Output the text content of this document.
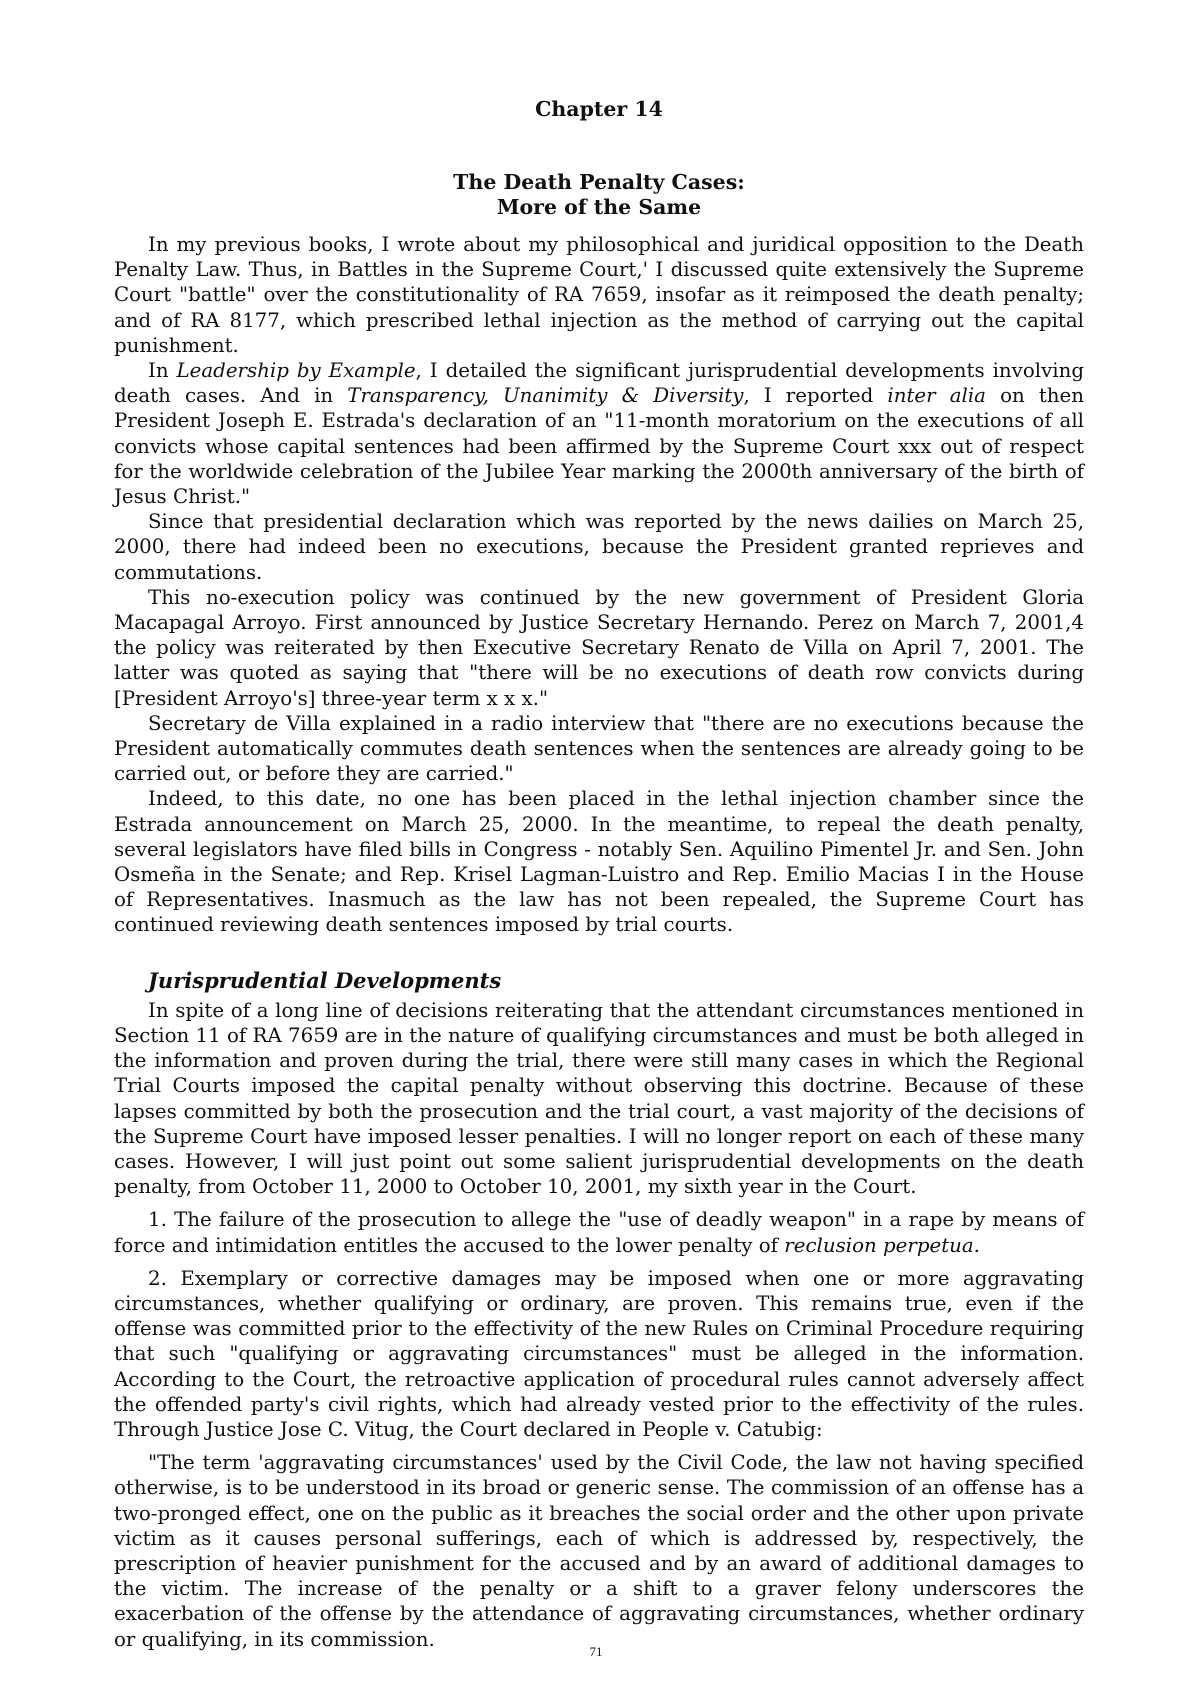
Chapter 14
The Death Penalty Cases:
More of the Same

In my previous books, I wrote about my philosophical and juridical opposition to the Death Penalty Law. Thus, in Battles in the Supreme Court,' I discussed quite extensively the Supreme Court "battle" over the constitutionality of RA 7659, insofar as it reimposed the death penalty; and of RA 8177, which prescribed lethal injection as the method of carrying out the capital punishment.

In Leadership by Example, I detailed the significant jurisprudential developments involving death cases. And in Transparency, Unanimity & Diversity, I reported inter alia on then President Joseph E. Estrada's declaration of an "11-month moratorium on the executions of all convicts whose capital sentences had been affirmed by the Supreme Court xxx out of respect for the worldwide celebration of the Jubilee Year marking the 2000th anniversary of the birth of Jesus Christ."

Since that presidential declaration which was reported by the news dailies on March 25, 2000, there had indeed been no executions, because the President granted reprieves and commutations.

This no-execution policy was continued by the new government of President Gloria Macapagal Arroyo. First announced by Justice Secretary Hernando. Perez on March 7, 2001,4 the policy was reiterated by then Executive Secretary Renato de Villa on April 7, 2001. The latter was quoted as saying that "there will be no executions of death row convicts during [President Arroyo's] three-year term x x x."

Secretary de Villa explained in a radio interview that "there are no executions because the President automatically commutes death sentences when the sentences are already going to be carried out, or before they are carried."

Indeed, to this date, no one has been placed in the lethal injection chamber since the Estrada announcement on March 25, 2000. In the meantime, to repeal the death penalty, several legislators have filed bills in Congress - notably Sen. Aquilino Pimentel Jr. and Sen. John Osmeña in the Senate; and Rep. Krisel Lagman-Luistro and Rep. Emilio Macias I in the House of Representatives. Inasmuch as the law has not been repealed, the Supreme Court has continued reviewing death sentences imposed by trial courts.

Jurisprudential Developments

In spite of a long line of decisions reiterating that the attendant circumstances mentioned in Section 11 of RA 7659 are in the nature of qualifying circumstances and must be both alleged in the information and proven during the trial, there were still many cases in which the Regional Trial Courts imposed the capital penalty without observing this doctrine. Because of these lapses committed by both the prosecution and the trial court, a vast majority of the decisions of the Supreme Court have imposed lesser penalties. I will no longer report on each of these many cases. However, I will just point out some salient jurisprudential developments on the death penalty, from October 11, 2000 to October 10, 2001, my sixth year in the Court.

1. The failure of the prosecution to allege the "use of deadly weapon" in a rape by means of force and intimidation entitles the accused to the lower penalty of reclusion perpetua.

2. Exemplary or corrective damages may be imposed when one or more aggravating circumstances, whether qualifying or ordinary, are proven. This remains true, even if the offense was committed prior to the effectivity of the new Rules on Criminal Procedure requiring that such "qualifying or aggravating circumstances" must be alleged in the information. According to the Court, the retroactive application of procedural rules cannot adversely affect the offended party's civil rights, which had already vested prior to the effectivity of the rules. Through Justice Jose C. Vitug, the Court declared in People v. Catubig:

"The term 'aggravating circumstances' used by the Civil Code, the law not having specified otherwise, is to be understood in its broad or generic sense. The commission of an offense has a two-pronged effect, one on the public as it breaches the social order and the other upon private victim as it causes personal sufferings, each of which is addressed by, respectively, the prescription of heavier punishment for the accused and by an award of additional damages to the victim. The increase of the penalty or a shift to a graver felony underscores the exacerbation of the offense by the attendance of aggravating circumstances, whether ordinary or qualifying, in its commission.

71
